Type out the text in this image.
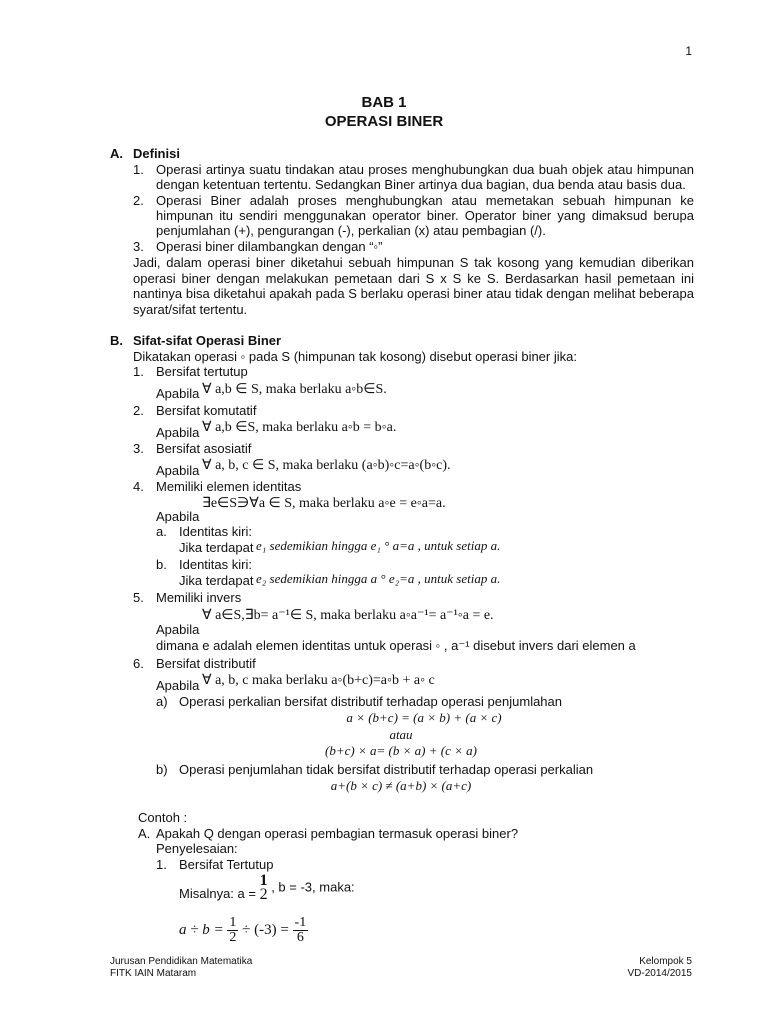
1
BAB 1
OPERASI BINER
A. Definisi
1. Operasi artinya suatu tindakan atau proses menghubungkan dua buah objek atau himpunan dengan ketentuan tertentu. Sedangkan Biner artinya dua bagian, dua benda atau basis dua.
2. Operasi Biner adalah proses menghubungkan atau memetakan sebuah himpunan ke himpunan itu sendiri menggunakan operator biner. Operator biner yang dimaksud berupa penjumlahan (+), pengurangan (-), perkalian (x) atau pembagian (/).
3. Operasi biner dilambangkan dengan “◦”
Jadi, dalam operasi biner diketahui sebuah himpunan S tak kosong yang kemudian diberikan operasi biner dengan melakukan pemetaan dari S x S ke S. Berdasarkan hasil pemetaan ini nantinya bisa diketahui apakah pada S berlaku operasi biner atau tidak dengan melihat beberapa syarat/sifat tertentu.
B. Sifat-sifat Operasi Biner
Dikatakan operasi ◦ pada S (himpunan tak kosong) disebut operasi biner jika:
1. Bersifat tertutup
Apabila ∀ a,b ∈ S, maka berlaku a◦b∈S.
2. Bersifat komutatif
Apabila ∀ a,b ∈S, maka berlaku a◦b = b◦a.
3. Bersifat asosiatif
Apabila ∀ a, b, c ∈ S, maka berlaku (a◦b)◦c=a◦(b◦c).
4. Memiliki elemen identitas
∃e∈S∋∀a ∈ S, maka berlaku a◦e = e◦a=a.
Apabila
a. Identitas kiri:
Jika terdapat e₁ sedemikian hingga e₁ ° a=a , untuk setiap a.
b. Identitas kiri:
Jika terdapat e₂ sedemikian hingga a ° e₂=a , untuk setiap a.
5. Memiliki invers
∀ a∈S,∃b= a⁻¹∈ S, maka berlaku a◦a⁻¹= a⁻¹◦a = e.
Apabila
dimana e adalah elemen identitas untuk operasi ◦ , a⁻¹ disebut invers dari elemen a
6. Bersifat distributif
Apabila ∀ a, b, c maka berlaku a◦(b+c)=a◦b + a◦ c
a) Operasi perkalian bersifat distributif terhadap operasi penjumlahan
a × (b+c) = (a × b) + (a × c)
atau
(b+c) × a= (b × a) + (c × a)
b) Operasi penjumlahan tidak bersifat distributif terhadap operasi perkalian
a+(b × c) ≠ (a+b) × (a+c)
Contoh :
A. Apakah Q dengan operasi pembagian termasuk operasi biner?
Penyelesaian:
1. Bersifat Tertutup
Misalnya: a =
1
2 , b = -3, maka:
$a \div b = \frac{1}{2} \div (-3) = \frac{-1}{6}$
Jurusan Pendidikan Matematika
FITK IAIN Mataram
Kelompok 5
VD-2014/2015
